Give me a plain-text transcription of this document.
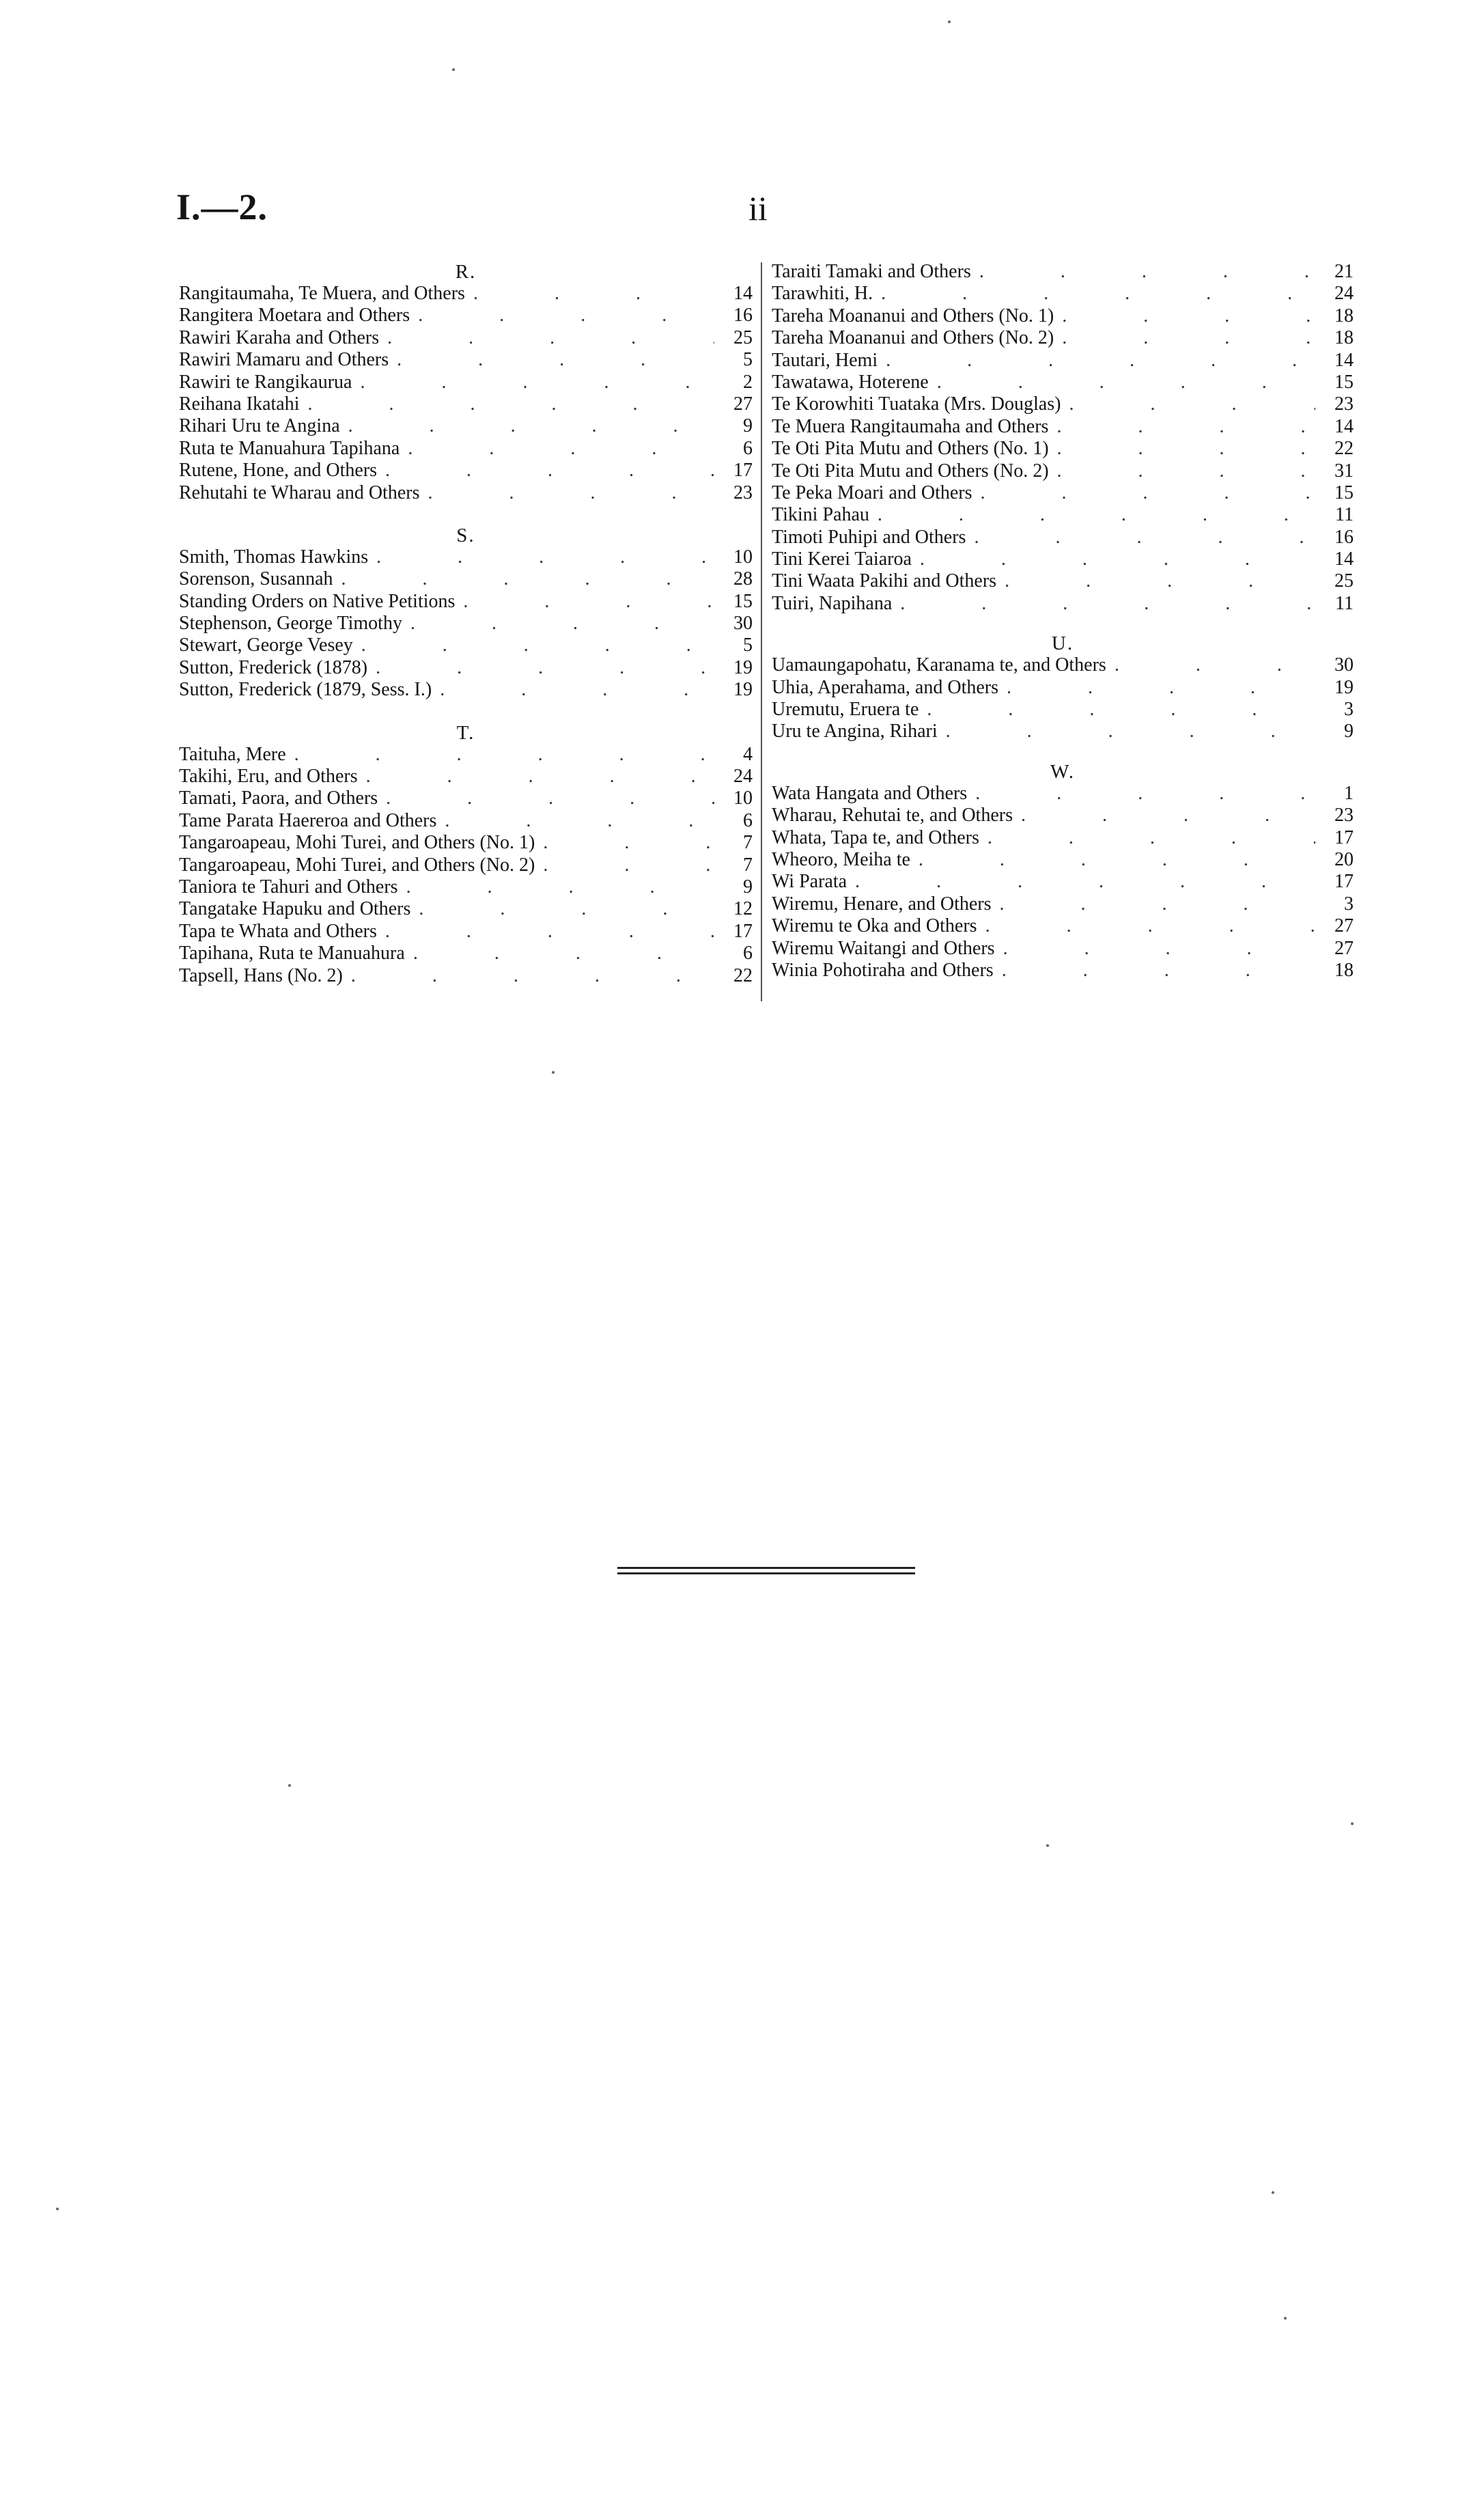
I.—2.	ii
R.
Rangitaumaha, Te Muera, and Others .	14
Rangitera Moetara and Others .	16
Rawiri Karaha and Others .	25
Rawiri Mamaru and Others .	5
Rawiri te Rangikaurua .	2
Reihana Ikatahi .	27
Rihari Uru te Angina .	9
Ruta te Manuahura Tapihana .	6
Rutene, Hone, and Others .	17
Rehutahi te Wharau and Others .	23
S.
Smith, Thomas Hawkins .	10
Sorenson, Susannah .	28
Standing Orders on Native Petitions .	15
Stephenson, George Timothy .	30
Stewart, George Vesey .	5
Sutton, Frederick (1878) .	19
Sutton, Frederick (1879, Sess. I.) .	19
T.
Taituha, Mere .	4
Takihi, Eru, and Others .	24
Tamati, Paora, and Others .	10
Tame Parata Haereroa and Others .	6
Tangaroapeau, Mohi Turei, and Others (No. 1) .	7
Tangaroapeau, Mohi Turei, and Others (No. 2) .	7
Taniora te Tahuri and Others .	9
Tangatake Hapuku and Others .	12
Tapa te Whata and Others .	17
Tapihana, Ruta te Manuahura .	6
Tapsell, Hans (No. 2) .	22
Taraiti Tamaki and Others .	21
Tarawhiti, H. .	24
Tareha Moananui and Others (No. 1) .	18
Tareha Moananui and Others (No. 2) .	18
Tautari, Hemi .	14
Tawatawa, Hoterene .	15
Te Korowhiti Tuataka (Mrs. Douglas) .	23
Te Muera Rangitaumaha and Others .	14
Te Oti Pita Mutu and Others (No. 1) .	22
Te Oti Pita Mutu and Others (No. 2) .	31
Te Peka Moari and Others .	15
Tikini Pahau .	11
Timoti Puhipi and Others .	16
Tini Kerei Taiaroa .	14
Tini Waata Pakihi and Others .	25
Tuiri, Napihana .	11
U.
Uamaungapohatu, Karanama te, and Others .	30
Uhia, Aperahama, and Others .	19
Uremutu, Eruera te .	3
Uru te Angina, Rihari .	9
W.
Wata Hangata and Others .	1
Wharau, Rehutai te, and Others .	23
Whata, Tapa te, and Others .	17
Wheoro, Meiha te .	20
Wi Parata .	17
Wiremu, Henare, and Others .	3
Wiremu te Oka and Others .	27
Wiremu Waitangi and Others .	27
Winia Pohotiraha and Others .	18
